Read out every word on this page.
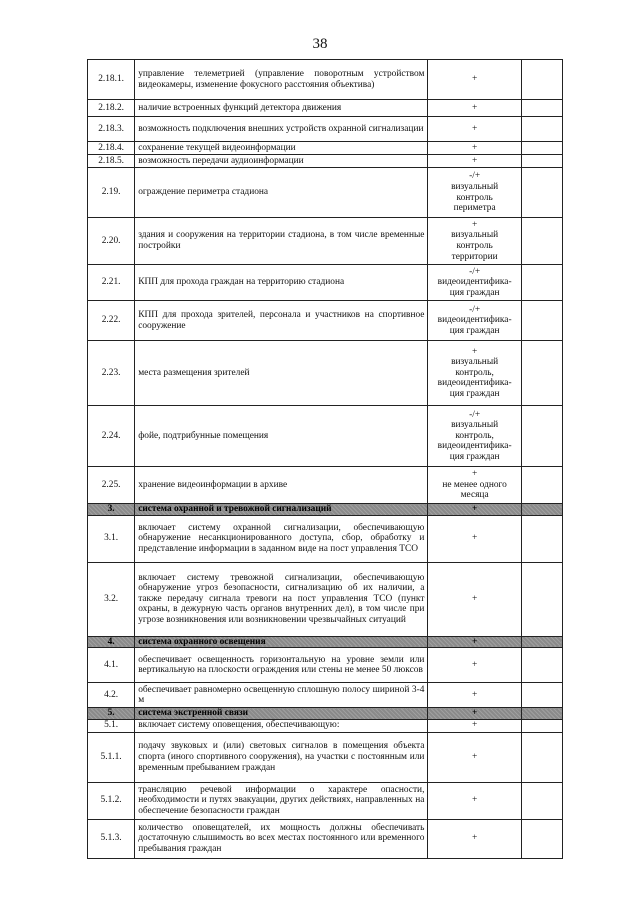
38
2.18.1.	управление телеметрией (управление поворотным устройством видеокамеры, изменение фокусного расстояния объектива)	+	
2.18.2.	наличие встроенных функций детектора движения	+	
2.18.3.	возможность подключения внешних устройств охранной сигнализации	+	
2.18.4.	сохранение текущей видеоинформации	+	
2.18.5.	возможность передачи аудиоинформации	+	
2.19.	ограждение периметра стадиона	-/+
визуальный
контроль
периметра	
2.20.	здания и сооружения на территории стадиона, в том числе временные постройки	+
визуальный
контроль
территории	
2.21.	КПП для прохода граждан на территорию стадиона	-/+
видеоидентифика-
ция граждан	
2.22.	КПП для прохода зрителей, персонала и участников на спортивное сооружение	-/+
видеоидентифика-
ция граждан	
2.23.	места размещения зрителей	+
визуальный
контроль,
видеоидентифика-
ция граждан	
2.24.	фойе, подтрибунные помещения	-/+
визуальный
контроль,
видеоидентифика-
ция граждан	
2.25.	хранение видеоинформации в архиве	+
не менее одного
месяца	
3.	система охранной и тревожной сигнализаций	+	
3.1.	включает систему охранной сигнализации, обеспечивающую обнаружение несанкционированного доступа, сбор, обработку и представление информации в заданном виде на пост управления ТСО	+	
3.2.	включает систему тревожной сигнализации, обеспечивающую обнаружение угроз безопасности, сигнализацию об их наличии, а также передачу сигнала тревоги на пост управления ТСО (пункт охраны, в дежурную часть органов внутренних дел), в том числе при угрозе возникновения или возникновении чрезвычайных ситуаций	+	
4.	система охранного освещения	+	
4.1.	обеспечивает освещенность горизонтальную на уровне земли или вертикальную на плоскости ограждения или стены не менее 50 люксов	+	
4.2.	обеспечивает равномерно освещенную сплошную полосу шириной 3-4 м	+	
5.	система экстренной связи	+	
5.1.	включает систему оповещения, обеспечивающую:	+	
5.1.1.	подачу звуковых и (или) световых сигналов в помещения объекта спорта (иного спортивного сооружения), на участки с постоянным или временным пребыванием граждан	+	
5.1.2.	трансляцию речевой информации о характере опасности, необходимости и путях эвакуации, других действиях, направленных на обеспечение безопасности граждан	+	
5.1.3.	количество оповещателей, их мощность должны обеспечивать достаточную слышимость во всех местах постоянного или временного пребывания граждан	+	
